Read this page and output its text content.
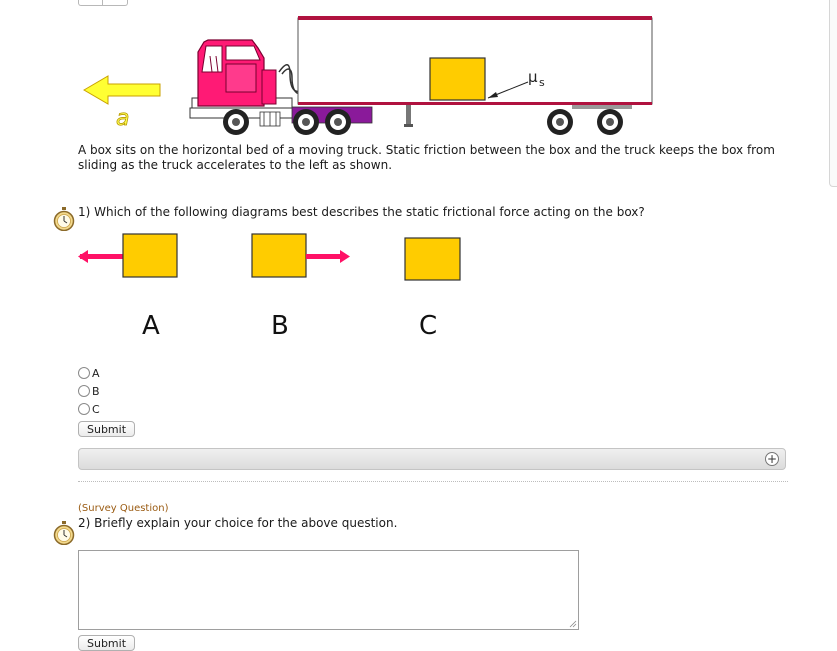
a
μ s
A box sits on the horizontal bed of a moving truck. Static friction between the box and the truck keeps the box from sliding as the truck accelerates to the left as shown.
1) Which of the following diagrams best describes the static frictional force acting on the box?
A	B	C
A
B
C
Submit
+
(Survey Question)
2) Briefly explain your choice for the above question.
Submit
